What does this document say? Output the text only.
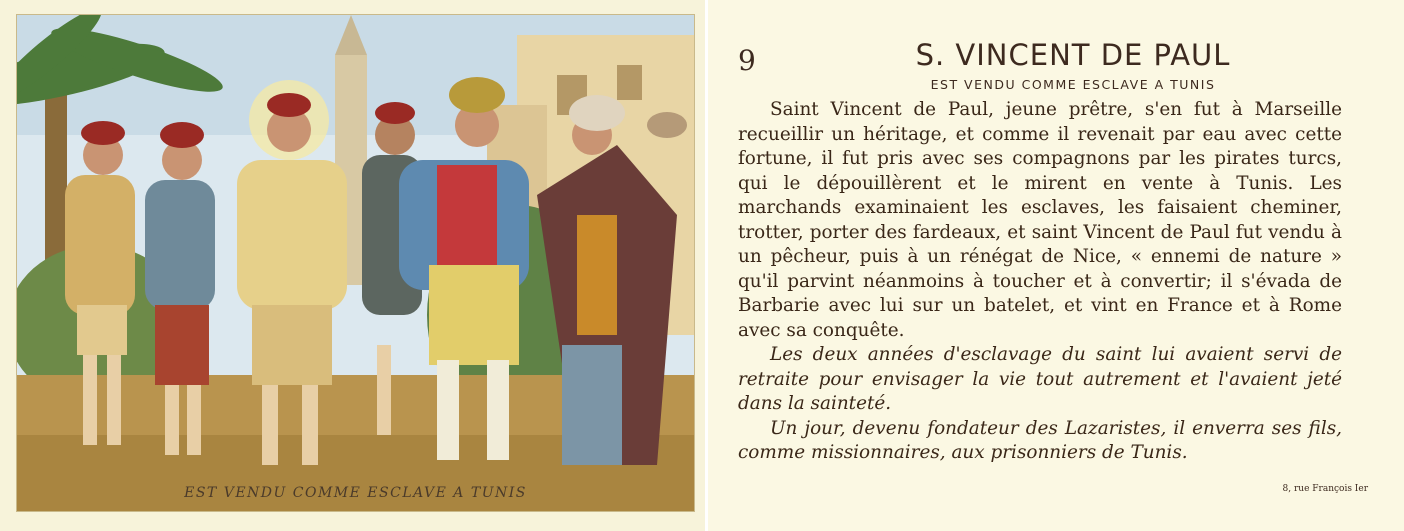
EST VENDU COMME ESCLAVE A TUNIS
9	S. VINCENT DE PAUL
EST VENDU COMME ESCLAVE A TUNIS

Saint Vincent de Paul, jeune prêtre, s'en fut à Marseille recueillir un héritage, et comme il revenait par eau avec cette fortune, il fut pris avec ses compagnons par les pirates turcs, qui le dépouillèrent et le mirent en vente à Tunis. Les marchands examinaient les esclaves, les faisaient cheminer, trotter, porter des fardeaux, et saint Vincent de Paul fut vendu à un pêcheur, puis à un rénégat de Nice, « ennemi de nature » qu'il parvint néanmoins à toucher et à convertir; il s'évada de Barbarie avec lui sur un batelet, et vint en France et à Rome avec sa conquête.

Les deux années d'esclavage du saint lui avaient servi de retraite pour envisager la vie tout autrement et l'avaient jeté dans la sainteté.

Un jour, devenu fondateur des Lazaristes, il enverra ses fils, comme missionnaires, aux prisonniers de Tunis.

8, rue François Ier
